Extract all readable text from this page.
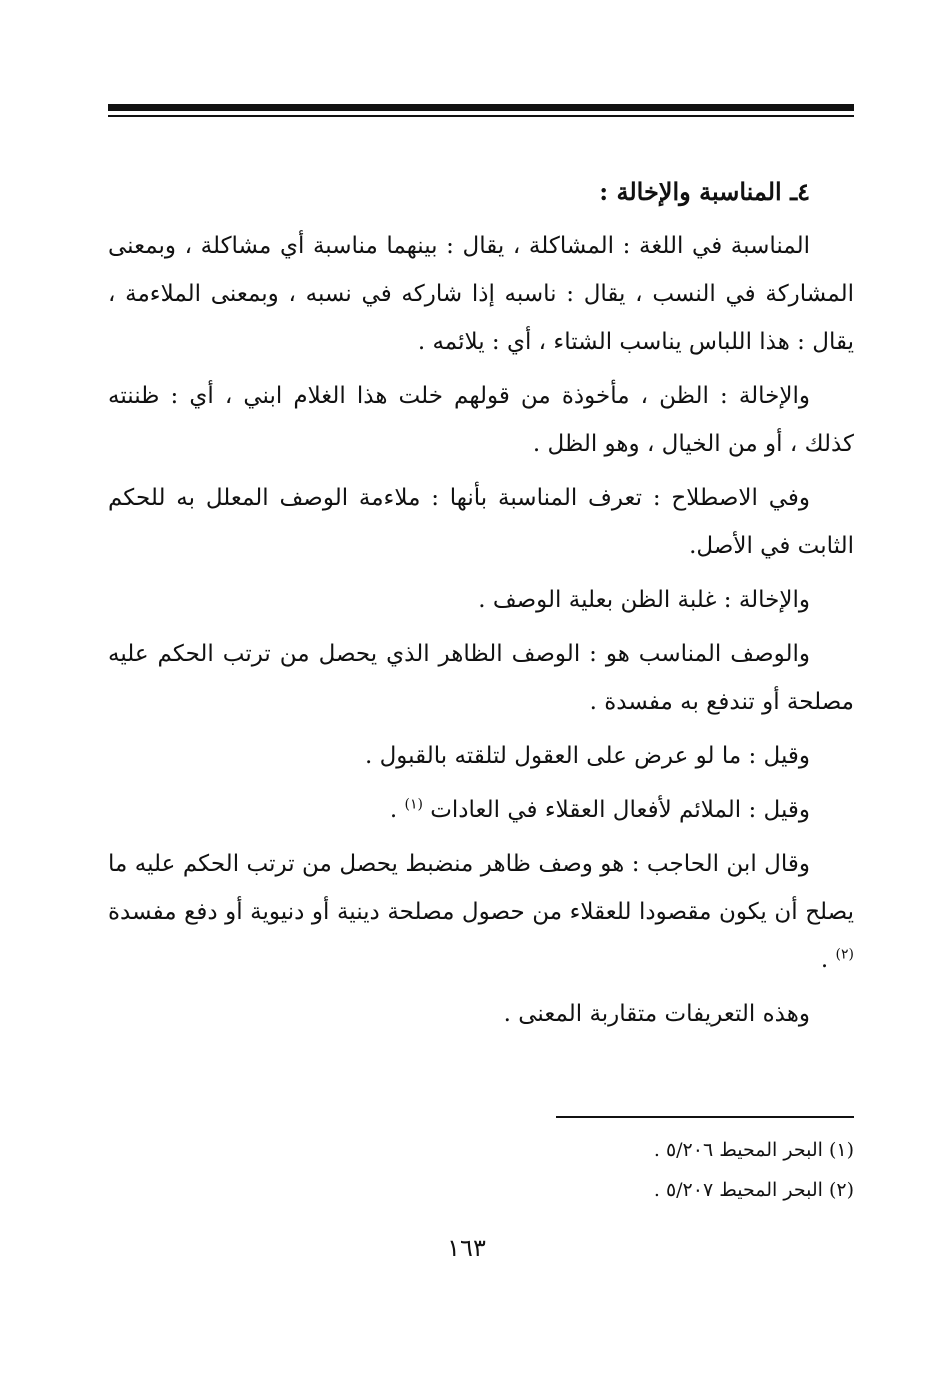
٤ـ المناسبة والإخالة :

المناسبة في اللغة : المشاكلة ، يقال : بينهما مناسبة أي مشاكلة ، وبمعنى المشاركة في النسب ، يقال : ناسبه إذا شاركه في نسبه ، وبمعنى الملاءمة ، يقال : هذا اللباس يناسب الشتاء ، أي : يلائمه .

والإخالة : الظن ، مأخوذة من قولهم خلت هذا الغلام ابني ، أي : ظننته كذلك ، أو من الخيال ، وهو الظل .

وفي الاصطلاح : تعرف المناسبة بأنها : ملاءمة الوصف المعلل به للحكم الثابت في الأصل.

والإخالة : غلبة الظن بعلية الوصف .

والوصف المناسب هو : الوصف الظاهر الذي يحصل من ترتب الحكم عليه مصلحة أو تندفع به مفسدة .

وقيل : ما لو عرض على العقول لتلقته بالقبول .

وقيل : الملائم لأفعال العقلاء في العادات $^{(١)}$ .

وقال ابن الحاجب : هو وصف ظاهر منضبط يحصل من ترتب الحكم عليه ما يصلح أن يكون مقصودا للعقلاء من حصول مصلحة دينية أو دنيوية أو دفع مفسدة $^{(٢)}$ .

وهذه التعريفات متقاربة المعنى .

(١) البحر المحيط ٥/٢٠٦ .

(٢) البحر المحيط ٥/٢٠٧ .

١٦٣
